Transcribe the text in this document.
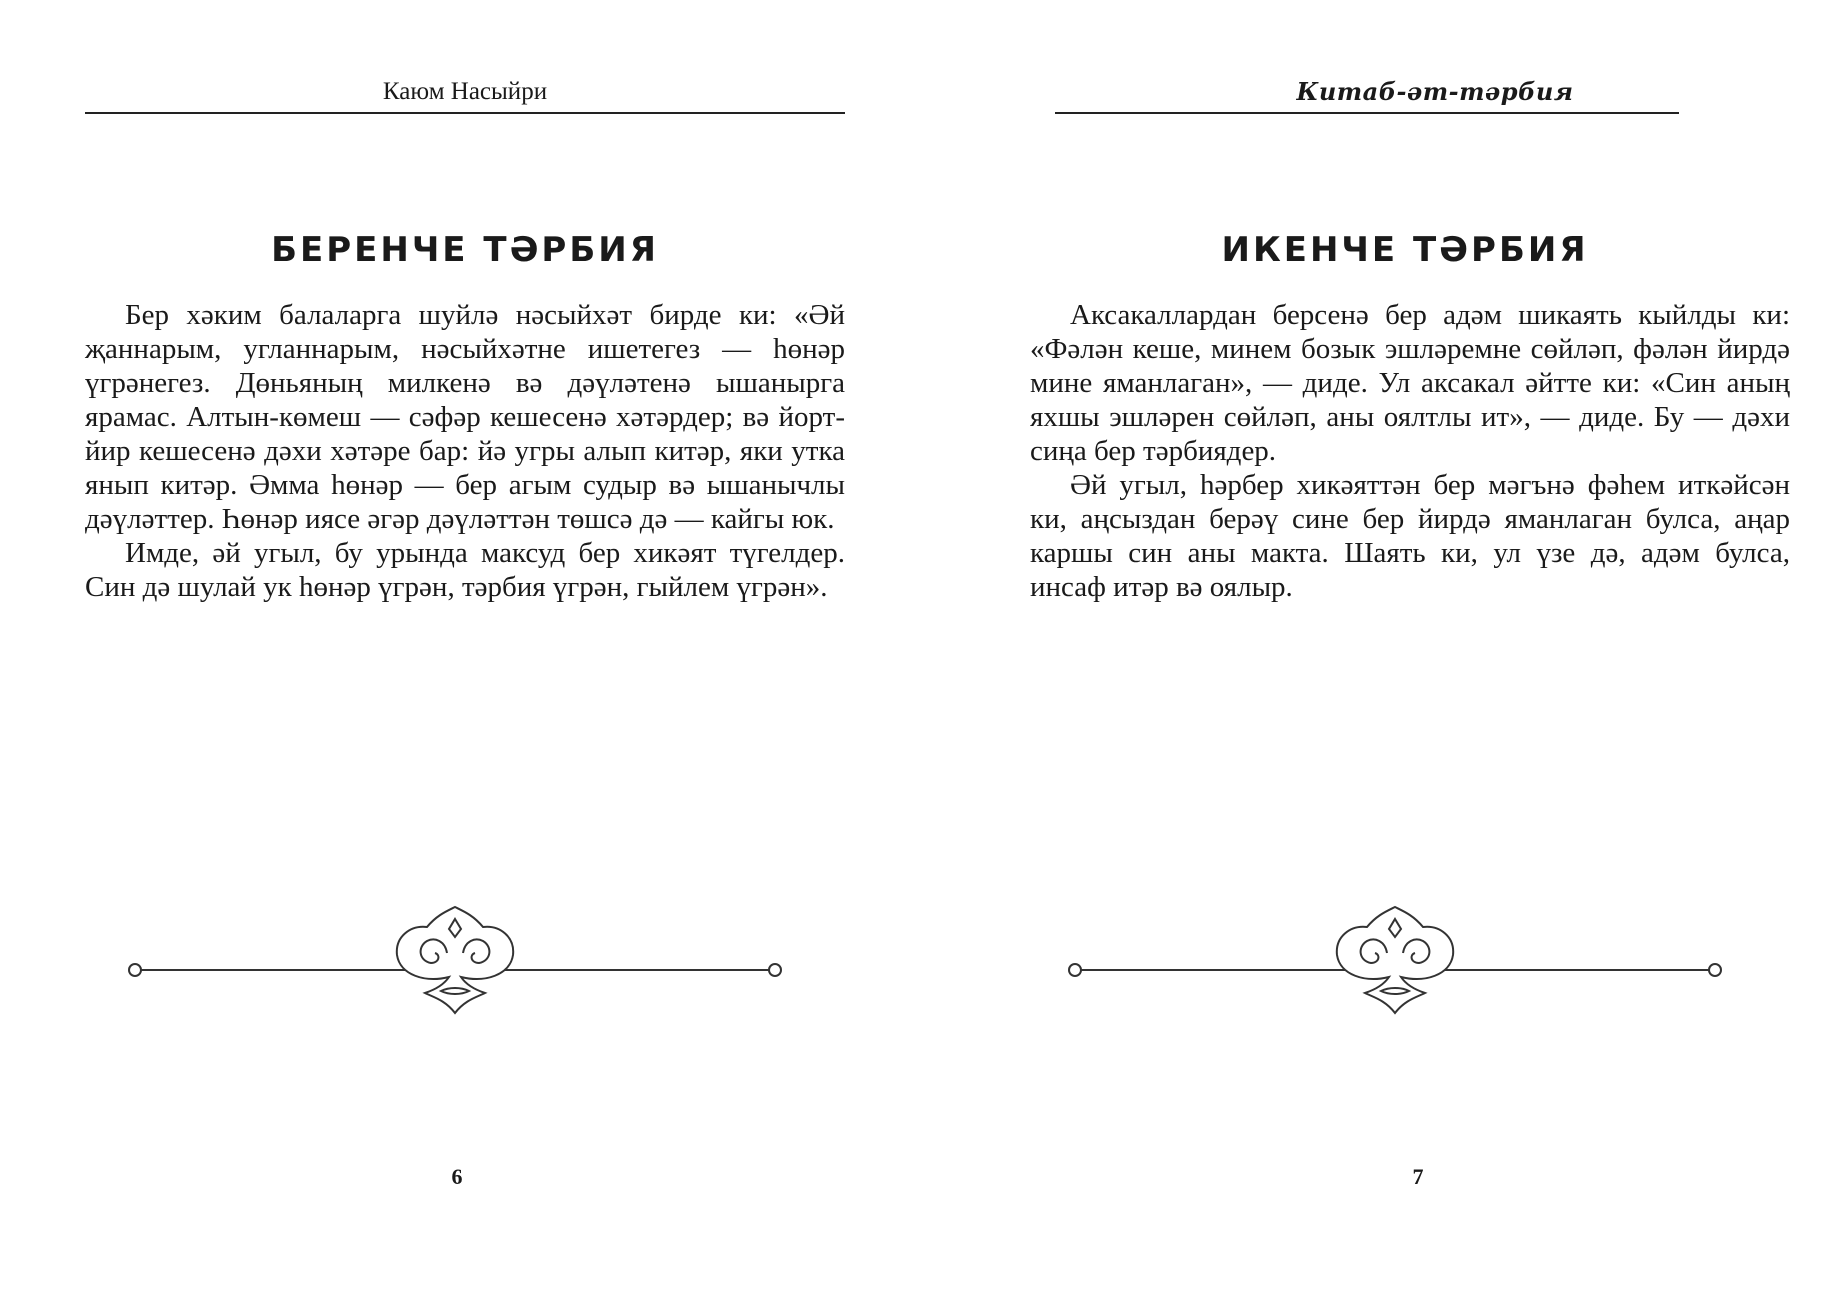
Каюм Насыйри
БЕРЕНЧЕ ТӘРБИЯ

Бер хәким балаларга шуйлә нәсыйхәт бирде ки: «Әй җаннарым, угланнарым, нәсыйхәтне ишетегез — һөнәр үгрәнегез. Дөньяның милкенә вә дәүләтенә ышанырга ярамас. Алтын-көмеш — сәфәр кешесенә хәтәрдер; вә йорт-йир кешесенә дәхи хәтәре бар: йә угры алып китәр, яки утка янып китәр. Әмма һөнәр — бер агым судыр вә ышанычлы дәүләттер. Һөнәр иясе әгәр дәүләттән төшсә дә — кайгы юк.

Имде, әй угыл, бу урында максуд бер хикәят түгелдер. Син дә шулай ук һөнәр үгрән, тәрбия үгрән, гыйлем үгрән».

6
Китаб-әт-тәрбия
ИКЕНЧЕ ТӘРБИЯ

Аксакаллардан берсенә бер адәм шикаять кыйлды ки: «Фәлән кеше, минем бозык эшләремне сөйләп, фәлән йирдә мине яманлаган», — диде. Ул аксакал әйтте ки: «Син аның яхшы эшләрен сөйләп, аны оялтлы ит», — диде. Бу — дәхи сиңа бер тәрбиядер.

Әй угыл, һәрбер хикәяттән бер мәгънә фәһем иткәйсән ки, аңсыздан берәү сине бер йирдә яманлаган булса, аңар каршы син аны макта. Шаять ки, ул үзе дә, адәм булса, инсаф итәр вә оялыр.

7
